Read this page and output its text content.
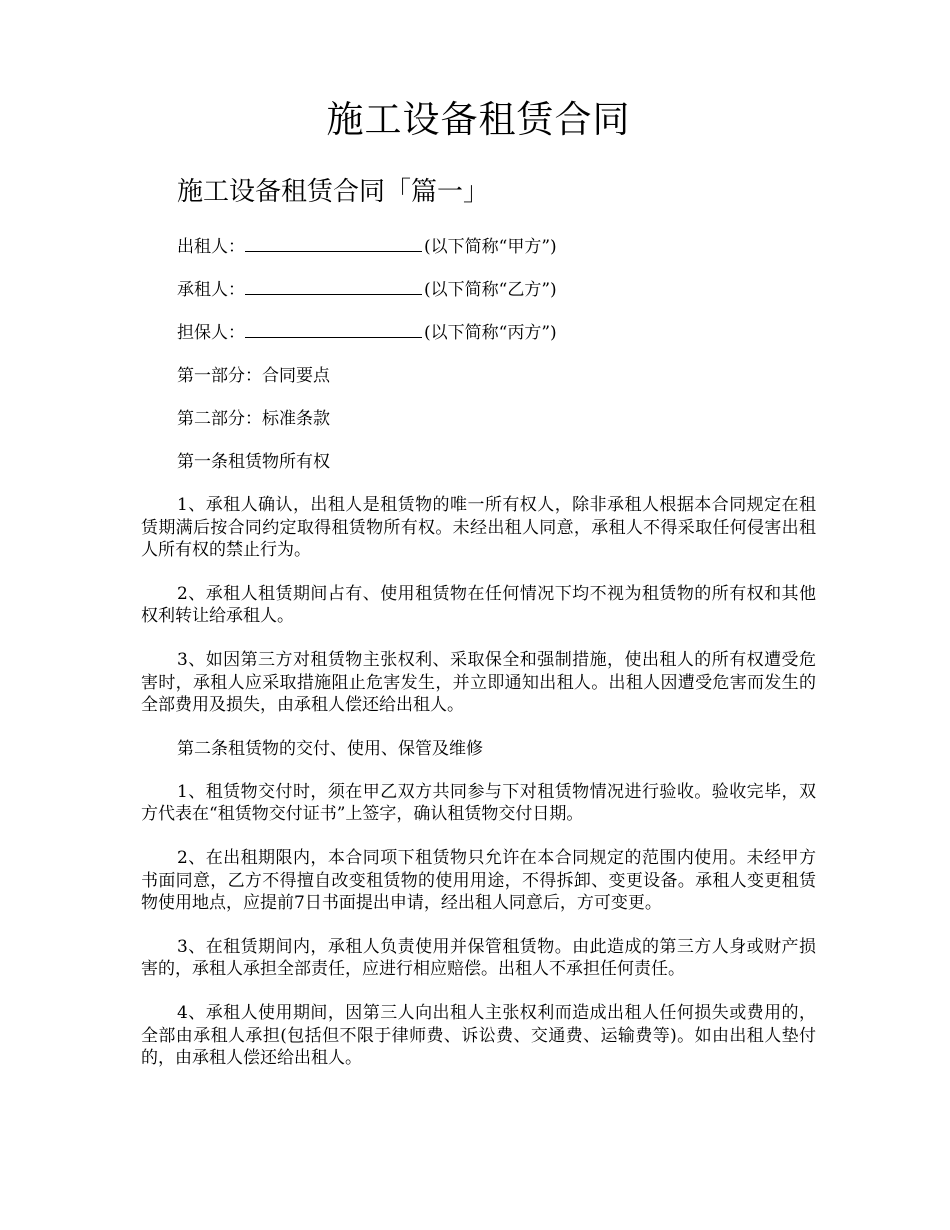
施工设备租赁合同
施工设备租赁合同「篇一」

出租人：	(以下简称“甲方”)

承租人：	(以下简称“乙方”)

担保人：	(以下简称“丙方”)

第一部分：合同要点

第二部分：标准条款

第一条租赁物所有权

1、承租人确认，出租人是租赁物的唯一所有权人，除非承租人根据本合同规定在租赁期满后按合同约定取得租赁物所有权。未经出租人同意，承租人不得采取任何侵害出租人所有权的禁止行为。

2、承租人租赁期间占有、使用租赁物在任何情况下均不视为租赁物的所有权和其他权利转让给承租人。

3、如因第三方对租赁物主张权利、采取保全和强制措施，使出租人的所有权遭受危害时，承租人应采取措施阻止危害发生，并立即通知出租人。出租人因遭受危害而发生的全部费用及损失，由承租人偿还给出租人。

第二条租赁物的交付、使用、保管及维修

1、租赁物交付时，须在甲乙双方共同参与下对租赁物情况进行验收。验收完毕，双方代表在“租赁物交付证书”上签字，确认租赁物交付日期。

2、在出租期限内，本合同项下租赁物只允许在本合同规定的范围内使用。未经甲方书面同意，乙方不得擅自改变租赁物的使用用途，不得拆卸、变更设备。承租人变更租赁物使用地点，应提前7日书面提出申请，经出租人同意后，方可变更。

3、在租赁期间内，承租人负责使用并保管租赁物。由此造成的第三方人身或财产损害的，承租人承担全部责任，应进行相应赔偿。出租人不承担任何责任。

4、承租人使用期间，因第三人向出租人主张权利而造成出租人任何损失或费用的，全部由承租人承担(包括但不限于律师费、诉讼费、交通费、运输费等)。如由出租人垫付的，由承租人偿还给出租人。
